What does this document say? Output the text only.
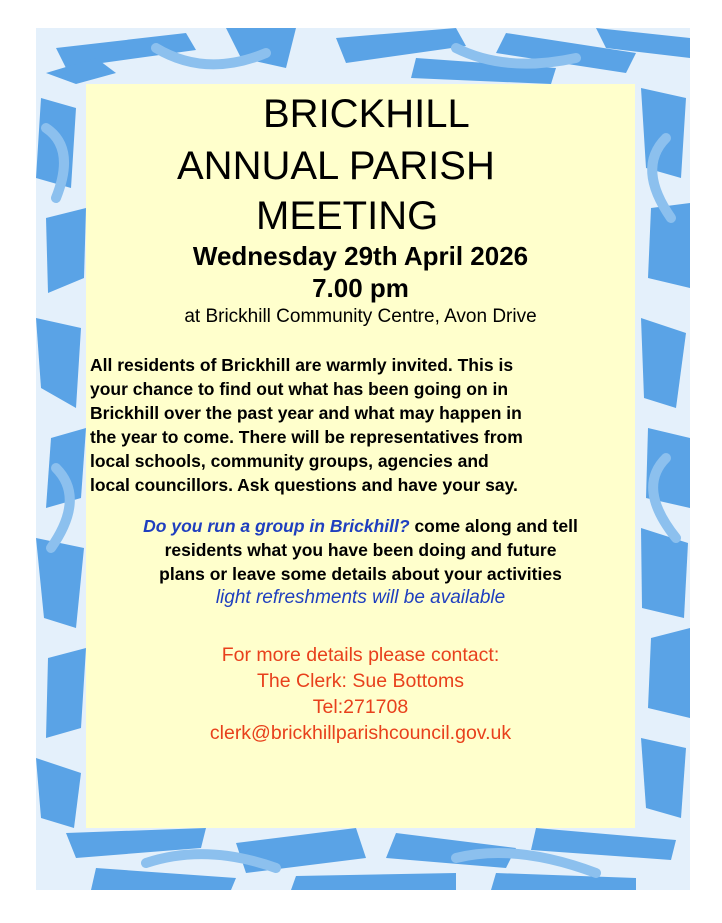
BRICKHILL
ANNUAL PARISH
MEETING
Wednesday 29th April 2026
7.00 pm
at Brickhill Community Centre, Avon Drive
All residents of Brickhill are warmly invited. This is
your chance to find out what has been going on in
Brickhill over the past year and what may happen in
the year to come. There will be representatives from
local schools, community groups, agencies and
local councillors. Ask questions and have your say.
Do you run a group in Brickhill? come along and tell
residents what you have been doing and future
plans or leave some details about your activities
light refreshments will be available
For more details please contact:
The Clerk: Sue Bottoms
Tel:271708
clerk@brickhillparishcouncil.gov.uk
